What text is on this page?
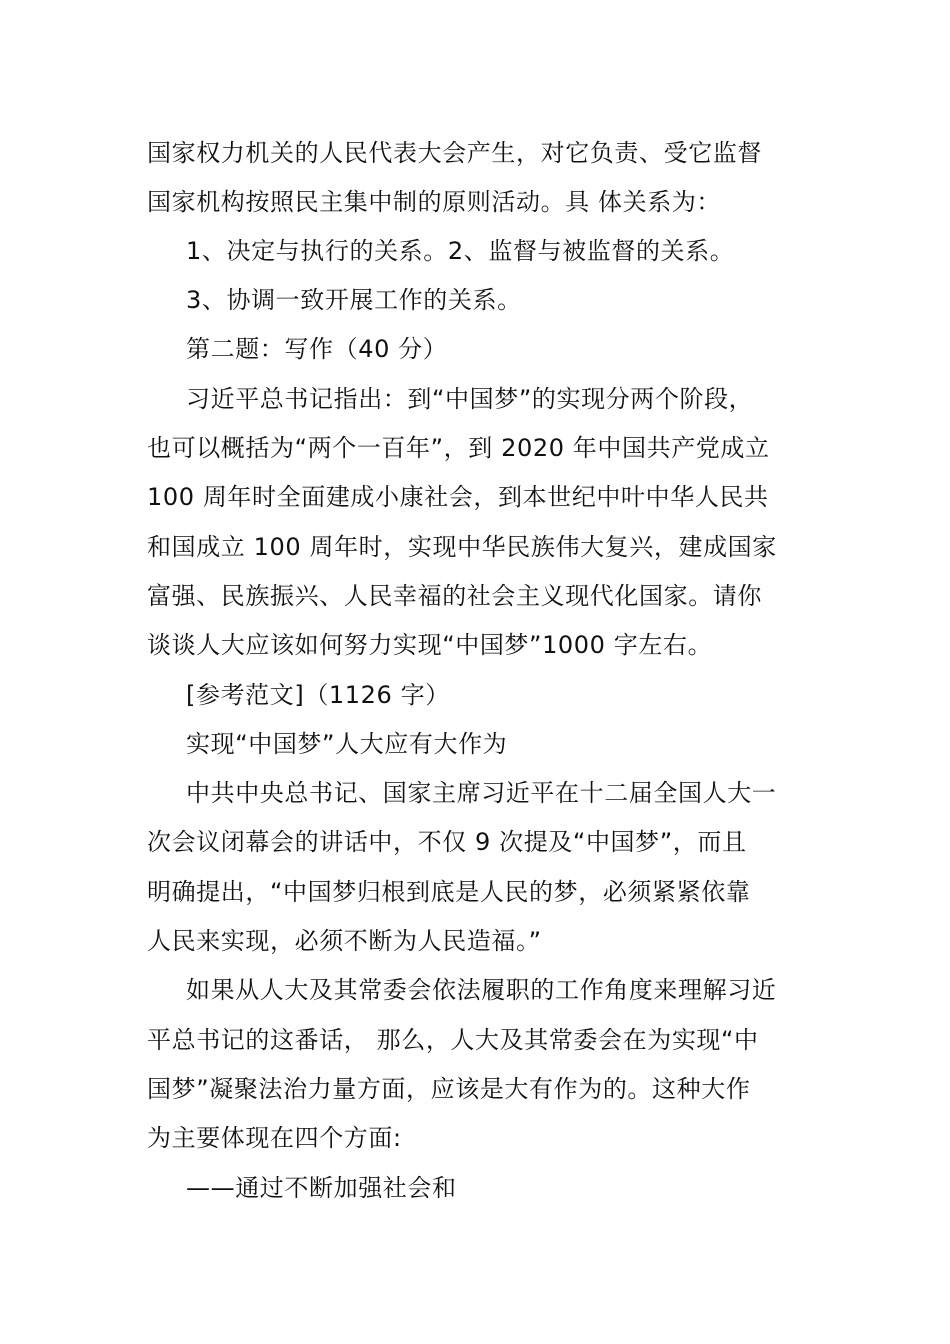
国家权力机关的人民代表大会产生，对它负责、受它监督
国家机构按照民主集中制的原则活动。具 体关系为：
1、决定与执行的关系。2、监督与被监督的关系。
3、协调一致开展工作的关系。
第二题：写作（40 分）
习近平总书记指出：到“中国梦”的实现分两个阶段，
也可以概括为“两个一百年”，到 2020 年中国共产党成立
100 周年时全面建成小康社会，到本世纪中叶中华人民共
和国成立 100 周年时，实现中华民族伟大复兴，建成国家
富强、民族振兴、人民幸福的社会主义现代化国家。请你
谈谈人大应该如何努力实现“中国梦”1000 字左右。
[参考范文]（1126 字）
实现“中国梦”人大应有大作为
中共中央总书记、国家主席习近平在十二届全国人大一
次会议闭幕会的讲话中，不仅 9 次提及“中国梦”，而且
明确提出，“中国梦归根到底是人民的梦，必须紧紧依靠
人民来实现，必须不断为人民造福。”
如果从人大及其常委会依法履职的工作角度来理解习近
平总书记的这番话， 那么，人大及其常委会在为实现“中
国梦”凝聚法治力量方面，应该是大有作为的。这种大作
为主要体现在四个方面:
——通过不断加强社会和
